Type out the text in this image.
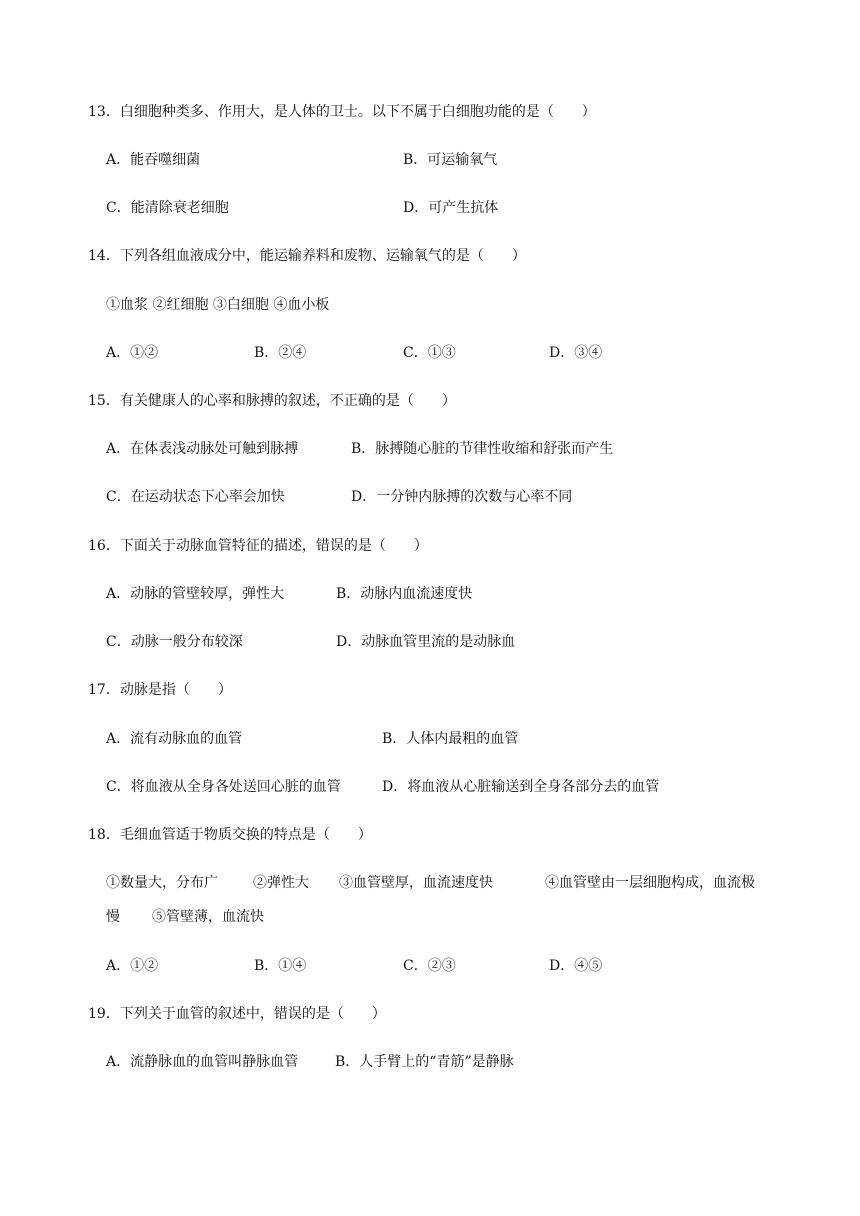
13．白细胞种类多、作用大，是人体的卫士。以下不属于白细胞功能的是（　　）
A．能吞噬细菌	B．可运输氧气
C．能清除衰老细胞	D．可产生抗体
14．下列各组血液成分中，能运输养料和废物、运输氧气的是（　　）
①血浆 ②红细胞 ③白细胞 ④血小板
A．①②	B．②④	C．①③	D．③④
15．有关健康人的心率和脉搏的叙述，不正确的是（　　）
A．在体表浅动脉处可触到脉搏	B．脉搏随心脏的节律性收缩和舒张而产生
C．在运动状态下心率会加快	D．一分钟内脉搏的次数与心率不同
16．下面关于动脉血管特征的描述，错误的是（　　）
A．动脉的管壁较厚，弹性大	B．动脉内血流速度快
C．动脉一般分布较深	D．动脉血管里流的是动脉血
17．动脉是指（　　）
A．流有动脉血的血管	B．人体内最粗的血管
C．将血液从全身各处送回心脏的血管	D．将血液从心脏输送到全身各部分去的血管
18．毛细血管适于物质交换的特点是（　　）
①数量大，分布广	②弹性大 ③血管壁厚，血流速度快	④血管壁由一层细胞构成，血流极
慢 ⑤管壁薄，血流快
A．①②	B．①④	C．②③	D．④⑤
19．下列关于血管的叙述中，错误的是（　　）
A．流静脉血的血管叫静脉血管	B．人手臂上的“青筋”是静脉
